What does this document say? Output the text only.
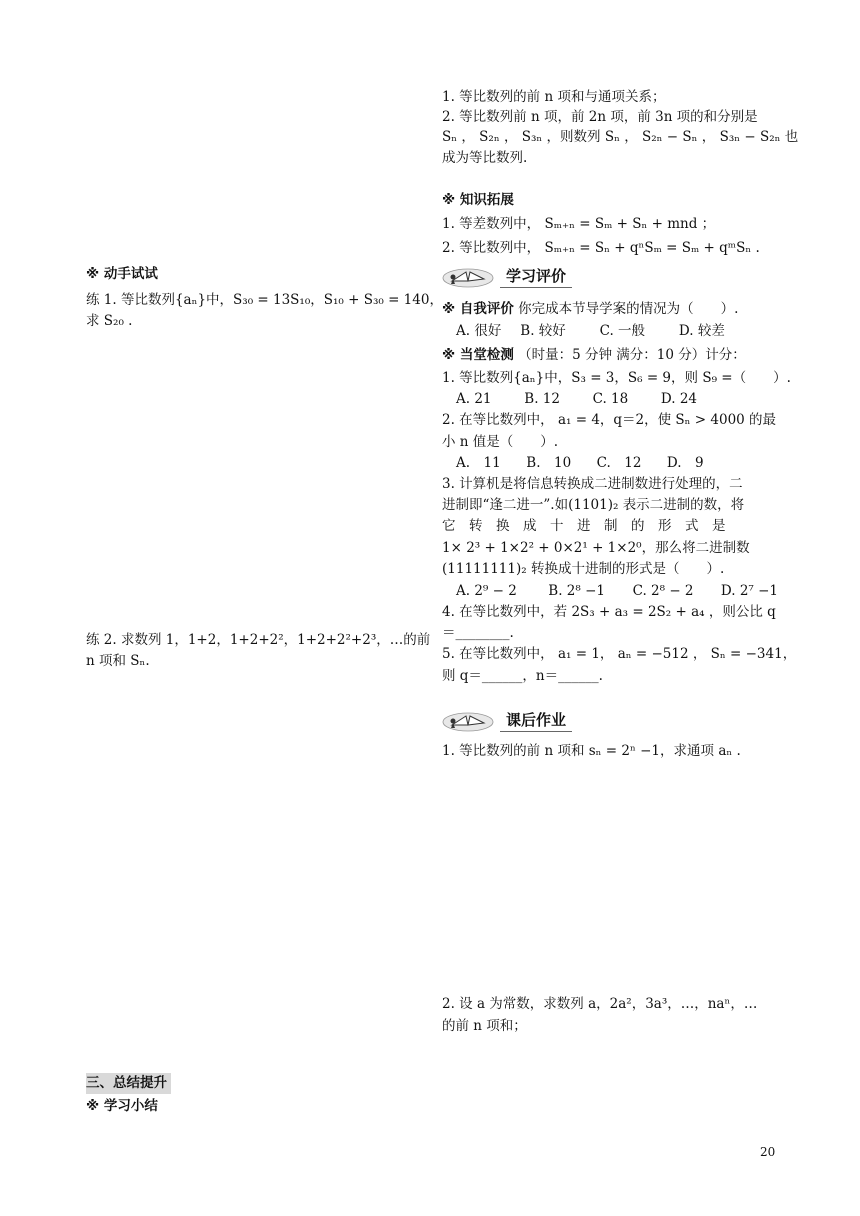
※ 动手试试
练 1. 等比数列{aₙ}中，S₃₀ = 13S₁₀，S₁₀ + S₃₀ = 140，
求 S₂₀ .
练 2. 求数列 1，1+2，1+2+2²，1+2+2²+2³，…的前
n 项和 Sₙ.
三、总结提升
※ 学习小结
1. 等比数列的前 n 项和与通项关系；
2. 等比数列前 n 项，前 2n 项，前 3n 项的和分别是
Sₙ ， S₂ₙ ， S₃ₙ ，则数列 Sₙ ， S₂ₙ − Sₙ ， S₃ₙ − S₂ₙ 也
成为等比数列.
※ 知识拓展
1. 等差数列中， Sₘ₊ₙ = Sₘ + Sₙ + mnd ；
2. 等比数列中， Sₘ₊ₙ = Sₙ + qⁿSₘ = Sₘ + qᵐSₙ .
学习评价
※ 自我评价 你完成本节导学案的情况为（　　）.
A. 很好 B. 较好	C. 一般	D. 较差
※ 当堂检测 （时量：5 分钟 满分：10 分）计分：
1. 等比数列{aₙ}中，S₃ = 3，S₆ = 9，则 S₉ =（　　）.
A. 21 B. 12 C. 18 D. 24
2. 在等比数列中， a₁ = 4，q＝2，使 Sₙ > 4000 的最
小 n 值是（　　）.
A.　11 B.　10 C.　12 D.　9
3. 计算机是将信息转换成二进制数进行处理的，二
进制即“逢二进一”.如(1101)₂ 表示二进制的数，将
它　转　换　成　十　进　制　的　形　式　是
1× 2³ + 1×2² + 0×2¹ + 1×2⁰，那么将二进制数
(11111111)₂ 转换成十进制的形式是（　　）.
A. 2⁹ − 2 B. 2⁸ −1 C. 2⁸ − 2 D. 2⁷ −1
4. 在等比数列中，若 2S₃ + a₃ = 2S₂ + a₄ ，则公比 q
＝________.
5. 在等比数列中， a₁ = 1， aₙ = −512 ， Sₙ = −341，
则 q＝______，n＝______.
课后作业
1. 等比数列的前 n 项和 sₙ = 2ⁿ −1，求通项 aₙ .
2. 设 a 为常数，求数列 a，2a²，3a³，…，naⁿ，…
的前 n 项和；
20
